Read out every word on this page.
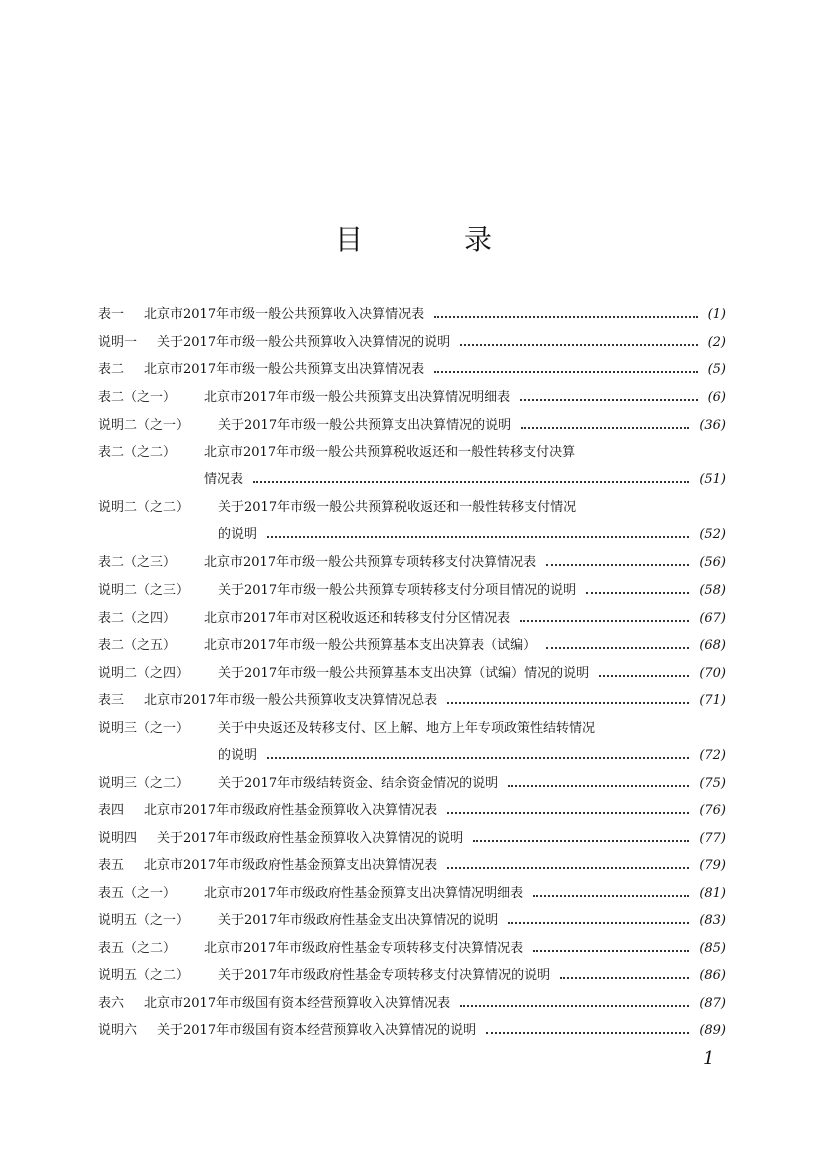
目 录
表一 北京市2017年市级一般公共预算收入决算情况表	(1)
说明一 关于2017年市级一般公共预算收入决算情况的说明	(2)
表二 北京市2017年市级一般公共预算支出决算情况表	(5)
表二（之一） 北京市2017年市级一般公共预算支出决算情况明细表	(6)
说明二（之一） 关于2017年市级一般公共预算支出决算情况的说明	(36)
表二（之二） 北京市2017年市级一般公共预算税收返还和一般性转移支付决算
情况表	(51)
说明二（之二） 关于2017年市级一般公共预算税收返还和一般性转移支付情况
的说明	(52)
表二（之三） 北京市2017年市级一般公共预算专项转移支付决算情况表	(56)
说明二（之三） 关于2017年市级一般公共预算专项转移支付分项目情况的说明	(58)
表二（之四） 北京市2017年市对区税收返还和转移支付分区情况表	(67)
表二（之五） 北京市2017年市级一般公共预算基本支出决算表（试编）	(68)
说明二（之四） 关于2017年市级一般公共预算基本支出决算（试编）情况的说明	(70)
表三 北京市2017年市级一般公共预算收支决算情况总表	(71)
说明三（之一） 关于中央返还及转移支付、区上解、地方上年专项政策性结转情况
的说明	(72)
说明三（之二） 关于2017年市级结转资金、结余资金情况的说明	(75)
表四 北京市2017年市级政府性基金预算收入决算情况表	(76)
说明四 关于2017年市级政府性基金预算收入决算情况的说明	(77)
表五 北京市2017年市级政府性基金预算支出决算情况表	(79)
表五（之一） 北京市2017年市级政府性基金预算支出决算情况明细表	(81)
说明五（之一） 关于2017年市级政府性基金支出决算情况的说明	(83)
表五（之二） 北京市2017年市级政府性基金专项转移支付决算情况表	(85)
说明五（之二） 关于2017年市级政府性基金专项转移支付决算情况的说明	(86)
表六 北京市2017年市级国有资本经营预算收入决算情况表	(87)
说明六 关于2017年市级国有资本经营预算收入决算情况的说明	(89)
1
